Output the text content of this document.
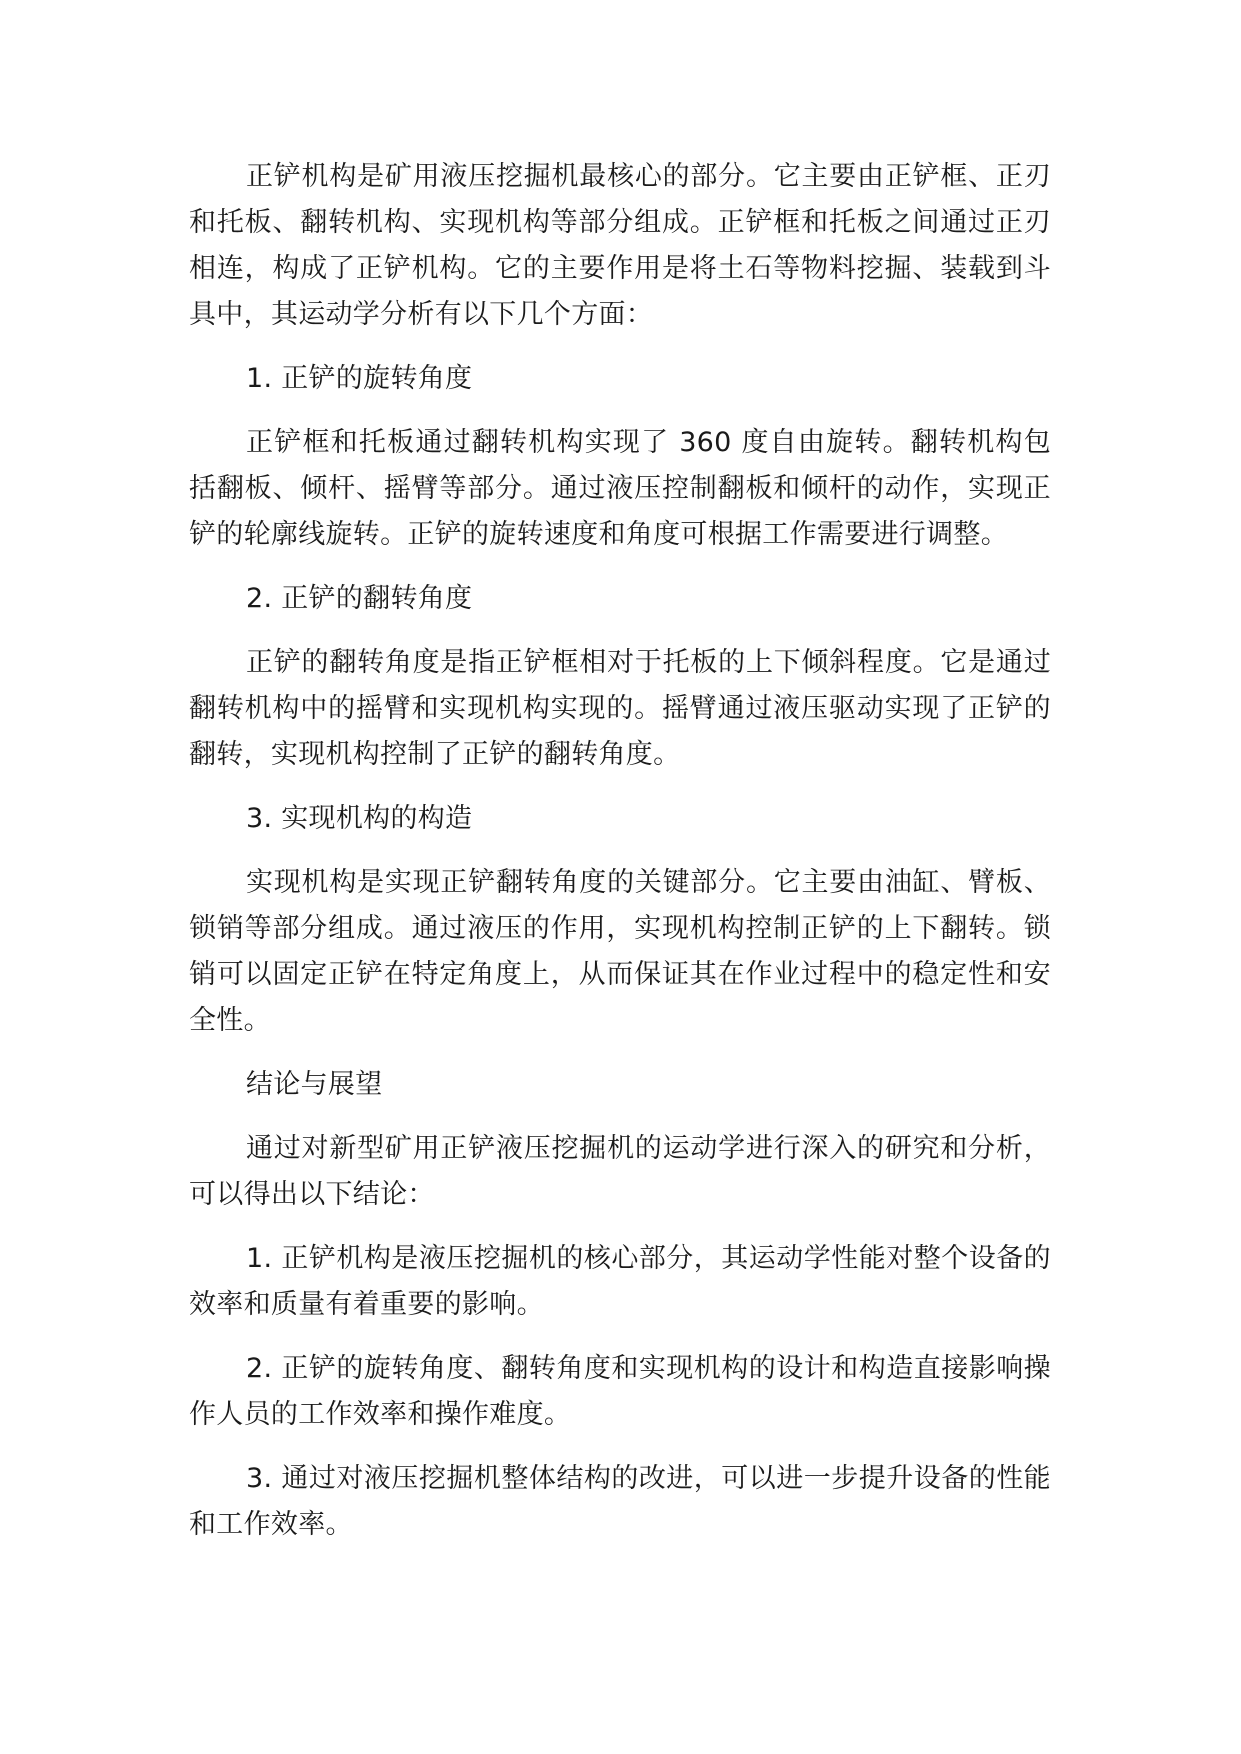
正铲机构是矿用液压挖掘机最核心的部分。它主要由正铲框、正刃和托板、翻转机构、实现机构等部分组成。正铲框和托板之间通过正刃相连，构成了正铲机构。它的主要作用是将土石等物料挖掘、装载到斗具中，其运动学分析有以下几个方面：

1. 正铲的旋转角度

正铲框和托板通过翻转机构实现了 360 度自由旋转。翻转机构包括翻板、倾杆、摇臂等部分。通过液压控制翻板和倾杆的动作，实现正铲的轮廓线旋转。正铲的旋转速度和角度可根据工作需要进行调整。

2. 正铲的翻转角度

正铲的翻转角度是指正铲框相对于托板的上下倾斜程度。它是通过翻转机构中的摇臂和实现机构实现的。摇臂通过液压驱动实现了正铲的翻转，实现机构控制了正铲的翻转角度。

3. 实现机构的构造

实现机构是实现正铲翻转角度的关键部分。它主要由油缸、臂板、锁销等部分组成。通过液压的作用，实现机构控制正铲的上下翻转。锁销可以固定正铲在特定角度上，从而保证其在作业过程中的稳定性和安全性。

结论与展望

通过对新型矿用正铲液压挖掘机的运动学进行深入的研究和分析，可以得出以下结论：

1. 正铲机构是液压挖掘机的核心部分，其运动学性能对整个设备的效率和质量有着重要的影响。

2. 正铲的旋转角度、翻转角度和实现机构的设计和构造直接影响操作人员的工作效率和操作难度。

3. 通过对液压挖掘机整体结构的改进，可以进一步提升设备的性能和工作效率。
